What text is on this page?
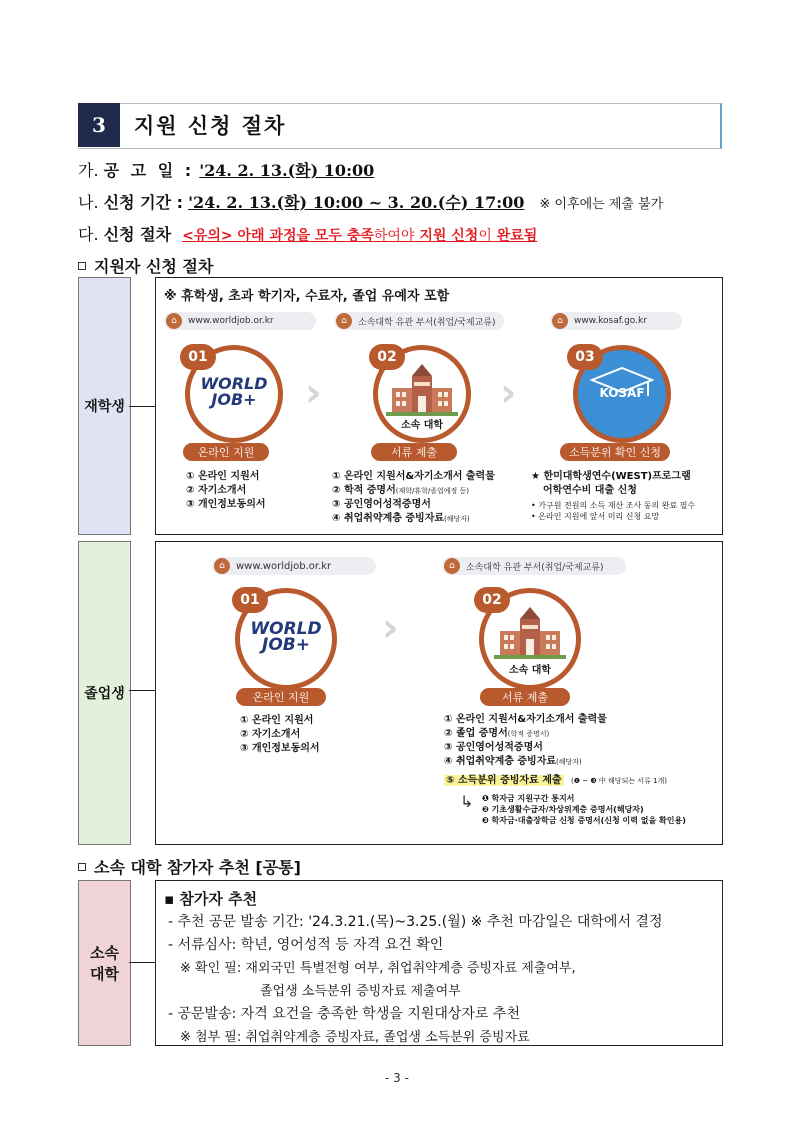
3	지원 신청 절차
가. 공 고 일 : '24. 2. 13.(화) 10:00
나. 신청 기간 : '24. 2. 13.(화) 10:00 ~ 3. 20.(수) 17:00 ※ 이후에는 제출 불가
다. 신청 절차 <유의> 아래 과정을 모두 충족하여야 지원 신청이 완료됨
지원자 신청 절차
재학생
※ 휴학생, 초과 학기자, 수료자, 졸업 유예자 포함
⌂	www.worldjob.or.kr
WORLD
JOB+
01
온라인 지원
① 온라인 지원서
② 자기소개서
③ 개인정보동의서
›
⌂	소속대학 유관 부서(취업/국제교류)
소속 대학
02
서류 제출
① 온라인 지원서&자기소개서 출력물
② 학적 증명서(재학/휴학/졸업예정 등)
③ 공인영어성적증명서
④ 취업취약계층 증빙자료(해당자)
›
⌂	www.kosaf.go.kr
KOSAF
03
소득분위 확인 신청
★ 한미대학생연수(WEST)프로그램
어학연수비 대출 신청
• 가구원 전원의 소득 재산 조사 동의 완료 필수
• 온라인 지원에 앞서 미리 신청 요망
졸업생
⌂	www.worldjob.or.kr
WORLD
JOB+
01
온라인 지원
① 온라인 지원서
② 자기소개서
③ 개인정보동의서
›
⌂	소속대학 유관 부서(취업/국제교류)
소속 대학
02
서류 제출
① 온라인 지원서&자기소개서 출력물
② 졸업 증명서(학적 증명서)
③ 공인영어성적증명서
④ 취업취약계층 증빙자료(해당자)
⑤ 소득분위 증빙자료 제출 (❶ ~ ❸ 中 해당되는 서류 1개)
↳ ❶ 학자금 지원구간 통지서
❷ 기초생활수급자/차상위계층 증명서(해당자)
❸ 학자금·대출장학금 신청 증명서(신청 이력 없을 확인용)
소속 대학 참가자 추천 [공통]
소속
대학
▪ 참가자 추천
- 추천 공문 발송 기간: '24.3.21.(목)~3.25.(월) ※ 추천 마감일은 대학에서 결정
- 서류심사: 학년, 영어성적 등 자격 요건 확인
※ 확인 필: 재외국민 특별전형 여부, 취업취약계층 증빙자료 제출여부,
졸업생 소득분위 증빙자료 제출여부
- 공문발송: 자격 요건을 충족한 학생을 지원대상자로 추천
※ 첨부 필: 취업취약계층 증빙자료, 졸업생 소득분위 증빙자료
- 3 -
